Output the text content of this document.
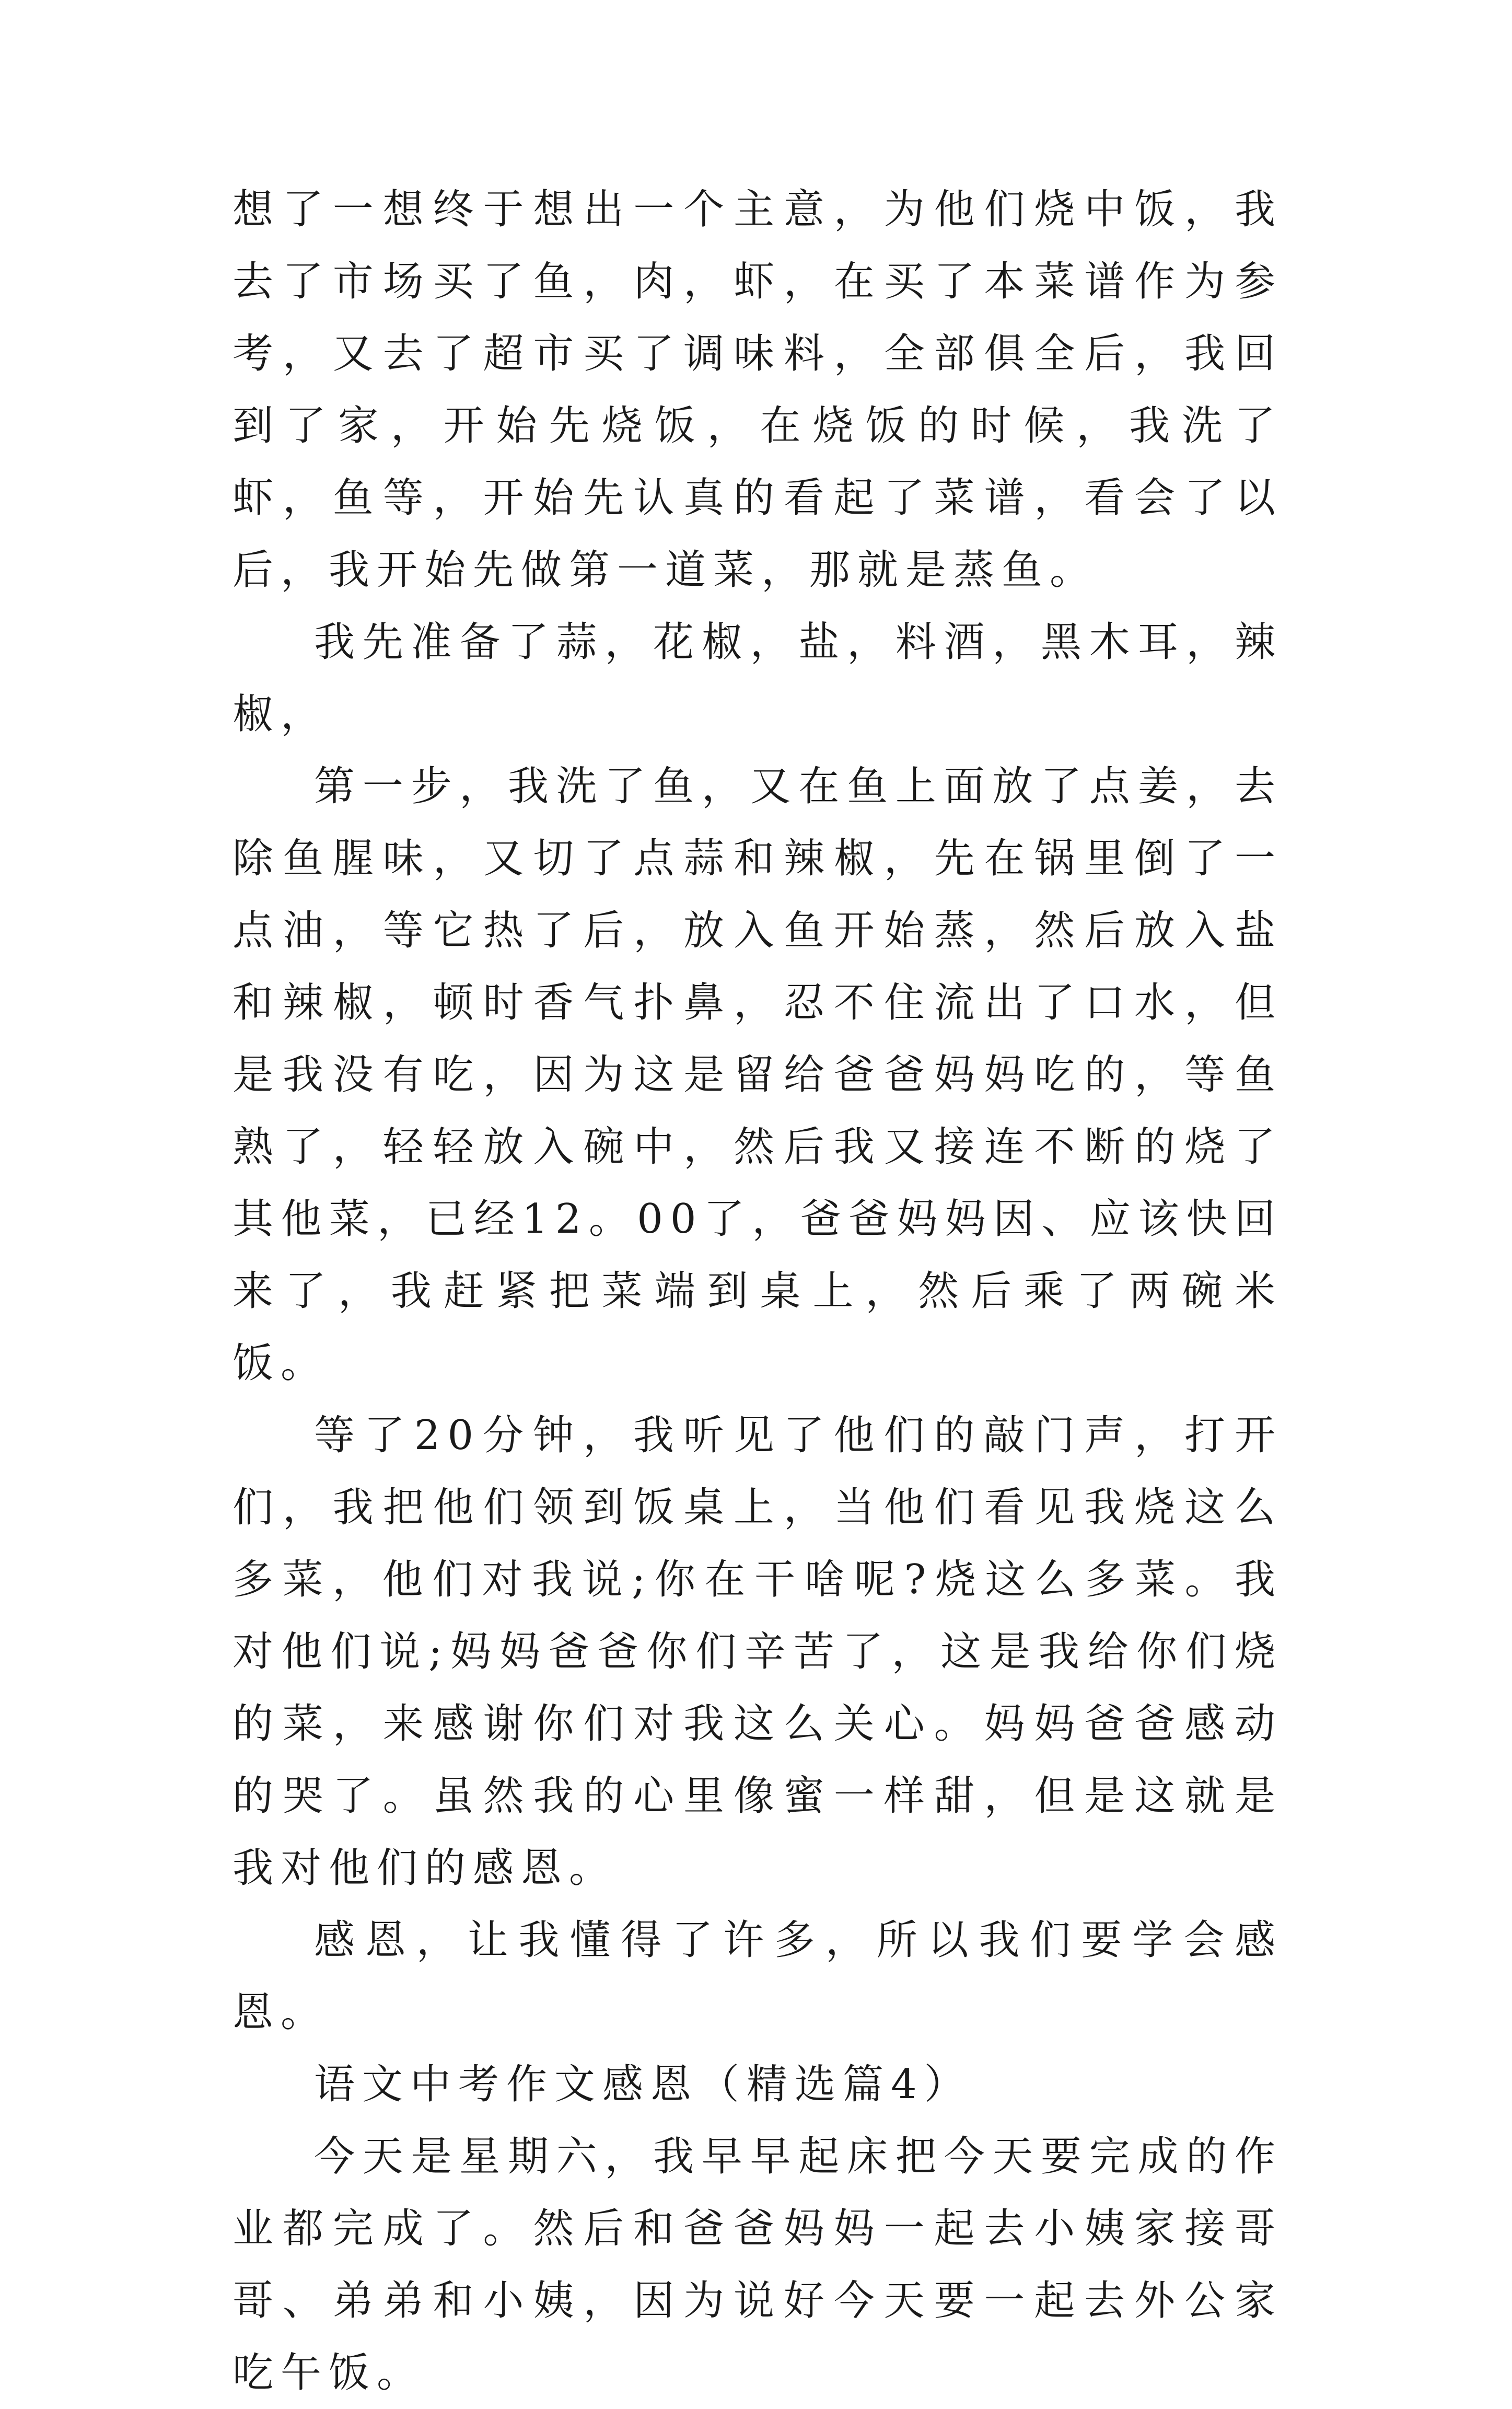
想了一想终于想出一个主意，为他们烧中饭，我去了市场买了鱼，肉，虾，在买了本菜谱作为参考，又去了超市买了调味料，全部俱全后，我回到了家，开始先烧饭，在烧饭的时候，我洗了虾，鱼等，开始先认真的看起了菜谱，看会了以后，我开始先做第一道菜，那就是蒸鱼。

我先准备了蒜，花椒，盐，料酒，黑木耳，辣椒，

第一步，我洗了鱼，又在鱼上面放了点姜，去除鱼腥味，又切了点蒜和辣椒，先在锅里倒了一点油，等它热了后，放入鱼开始蒸，然后放入盐和辣椒，顿时香气扑鼻，忍不住流出了口水，但是我没有吃，因为这是留给爸爸妈妈吃的，等鱼熟了，轻轻放入碗中，然后我又接连不断的烧了其他菜，已经12。00了，爸爸妈妈因、应该快回来了，我赶紧把菜端到桌上，然后乘了两碗米饭。

等了20分钟，我听见了他们的敲门声，打开们，我把他们领到饭桌上，当他们看见我烧这么多菜，他们对我说;你在干啥呢?烧这么多菜。我对他们说;妈妈爸爸你们辛苦了，这是我给你们烧的菜，来感谢你们对我这么关心。妈妈爸爸感动的哭了。虽然我的心里像蜜一样甜，但是这就是我对他们的感恩。

感恩，让我懂得了许多，所以我们要学会感恩。

语文中考作文感恩（精选篇4）

今天是星期六，我早早起床把今天要完成的作业都完成了。然后和爸爸妈妈一起去小姨家接哥哥、弟弟和小姨，因为说好今天要一起去外公家吃午饭。
